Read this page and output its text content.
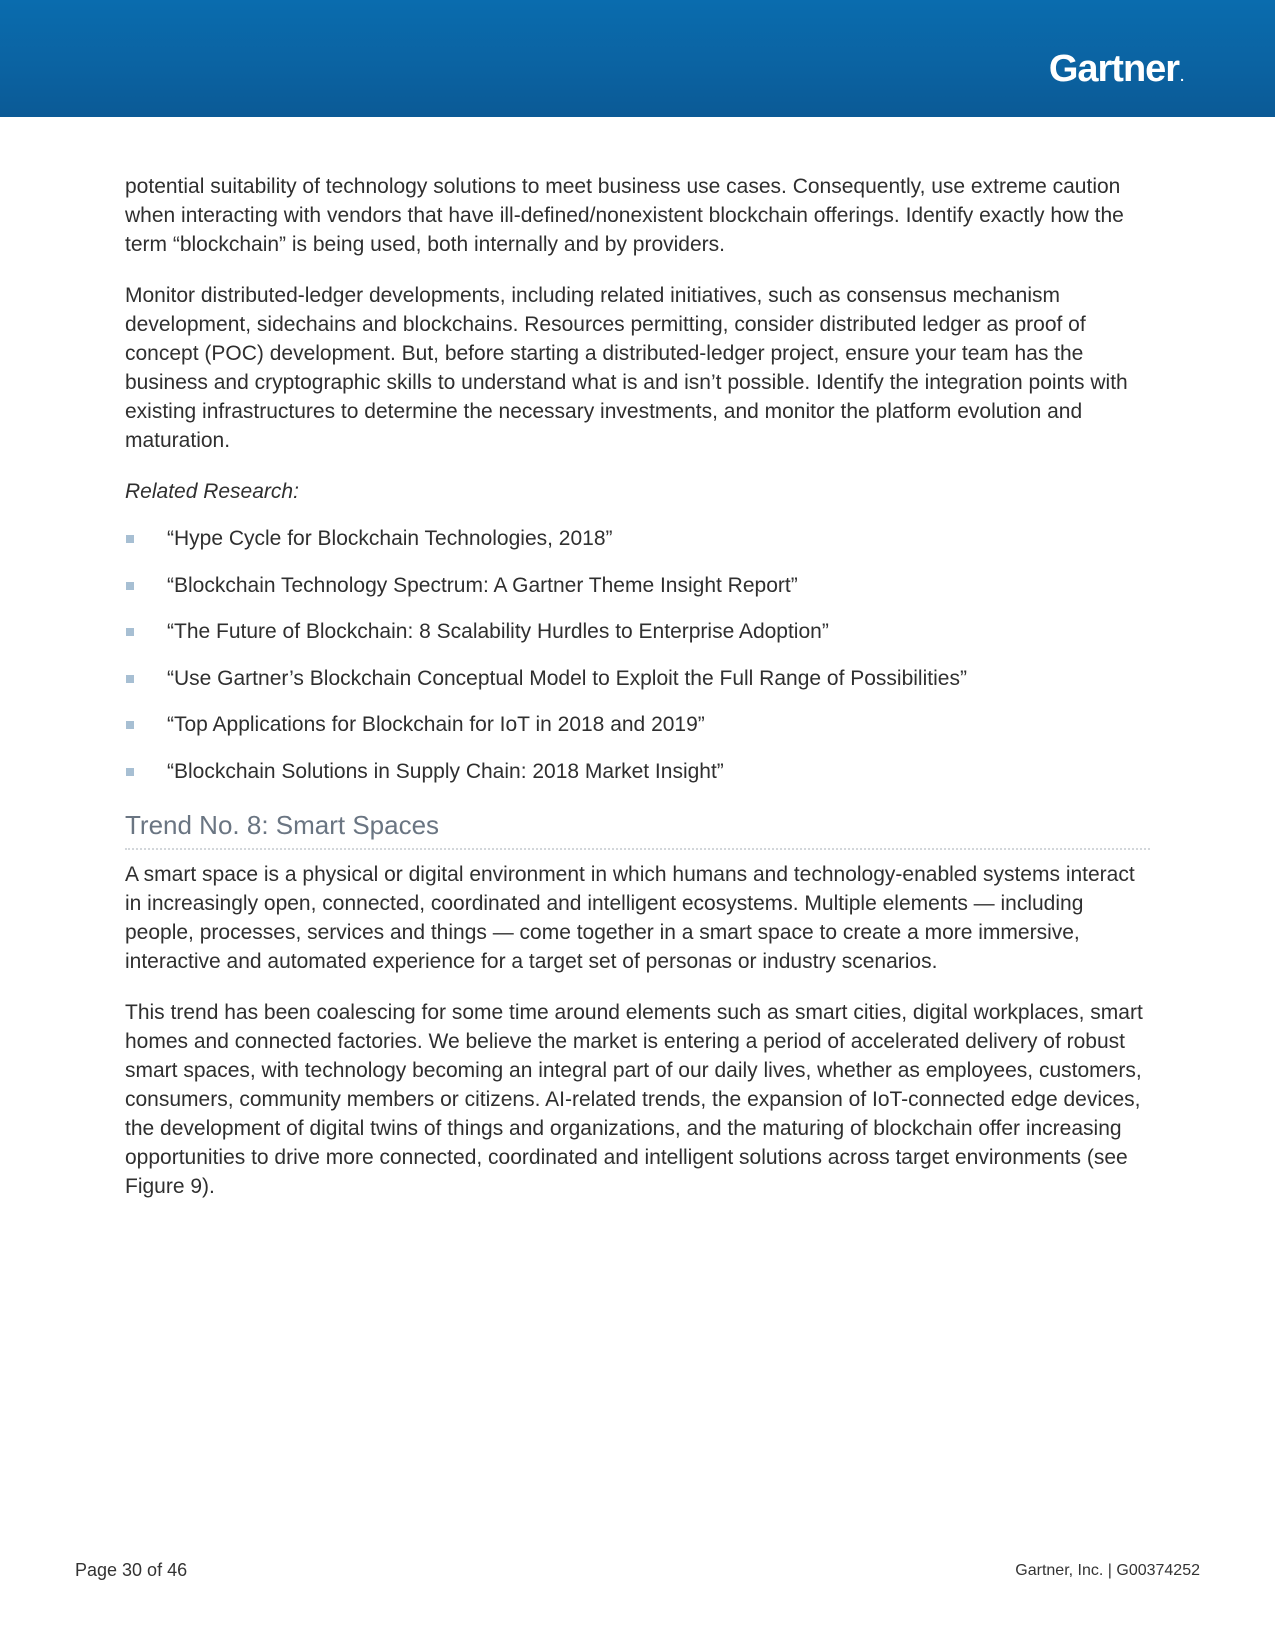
Gartner.

potential suitability of technology solutions to meet business use cases. Consequently, use extreme caution when interacting with vendors that have ill-defined/nonexistent blockchain offerings. Identify exactly how the term “blockchain” is being used, both internally and by providers.

Monitor distributed-ledger developments, including related initiatives, such as consensus mechanism development, sidechains and blockchains. Resources permitting, consider distributed ledger as proof of concept (POC) development. But, before starting a distributed-ledger project, ensure your team has the business and cryptographic skills to understand what is and isn’t possible. Identify the integration points with existing infrastructures to determine the necessary investments, and monitor the platform evolution and maturation.

Related Research:

“Hype Cycle for Blockchain Technologies, 2018”
“Blockchain Technology Spectrum: A Gartner Theme Insight Report”
“The Future of Blockchain: 8 Scalability Hurdles to Enterprise Adoption”
“Use Gartner’s Blockchain Conceptual Model to Exploit the Full Range of Possibilities”
“Top Applications for Blockchain for IoT in 2018 and 2019”
“Blockchain Solutions in Supply Chain: 2018 Market Insight”
Trend No. 8: Smart Spaces

A smart space is a physical or digital environment in which humans and technology-enabled systems interact in increasingly open, connected, coordinated and intelligent ecosystems. Multiple elements — including people, processes, services and things — come together in a smart space to create a more immersive, interactive and automated experience for a target set of personas or industry scenarios.

This trend has been coalescing for some time around elements such as smart cities, digital workplaces, smart homes and connected factories. We believe the market is entering a period of accelerated delivery of robust smart spaces, with technology becoming an integral part of our daily lives, whether as employees, customers, consumers, community members or citizens. AI-related trends, the expansion of IoT-connected edge devices, the development of digital twins of things and organizations, and the maturing of blockchain offer increasing opportunities to drive more connected, coordinated and intelligent solutions across target environments (see Figure 9).

Page 30 of 46	Gartner, Inc. | G00374252
